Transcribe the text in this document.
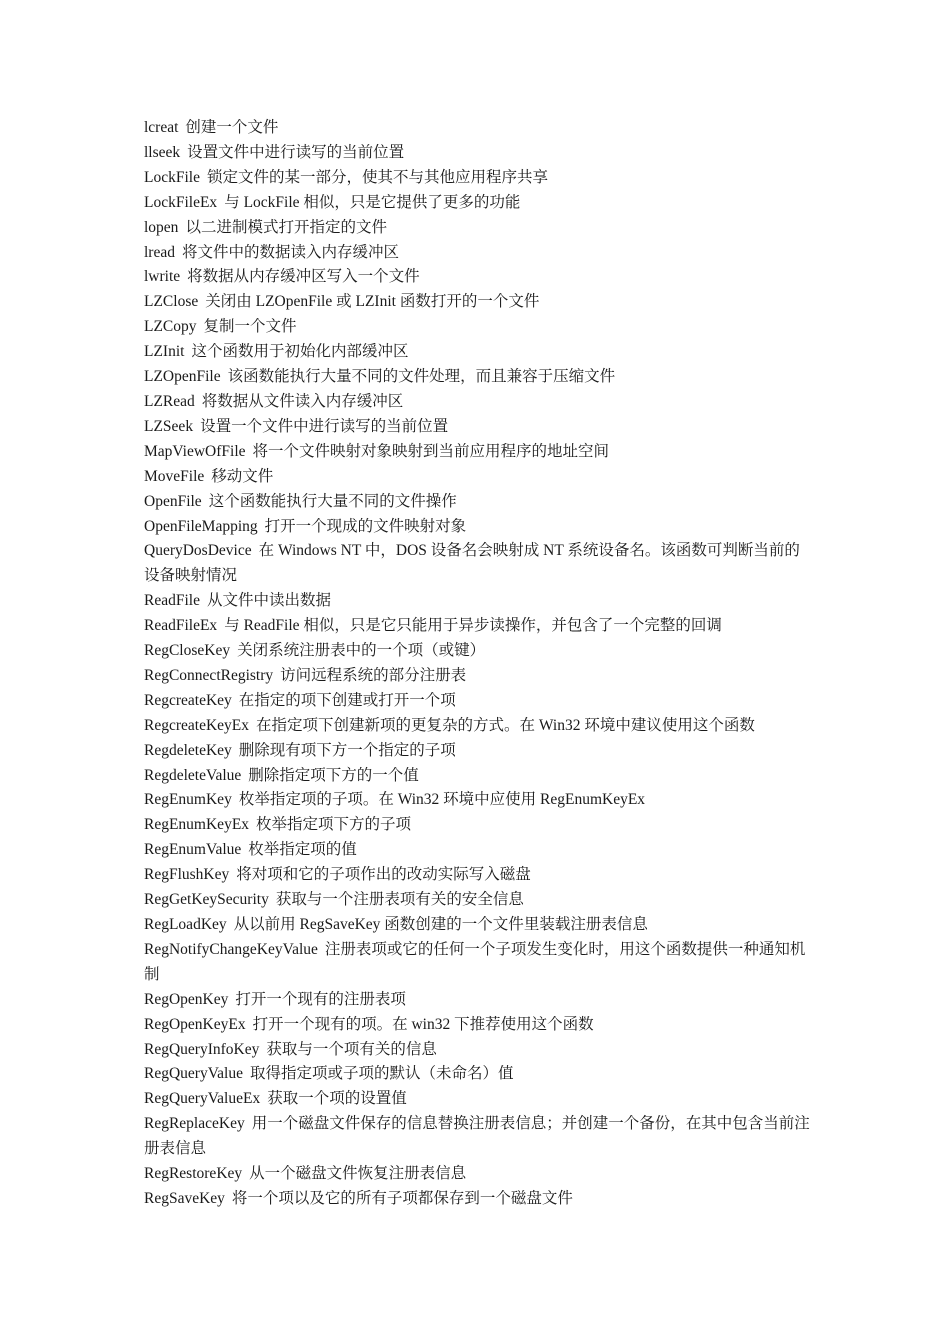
lcreat 创建一个文件

llseek 设置文件中进行读写的当前位置

LockFile 锁定文件的某一部分，使其不与其他应用程序共享

LockFileEx 与 LockFile 相似，只是它提供了更多的功能

lopen 以二进制模式打开指定的文件

lread 将文件中的数据读入内存缓冲区

lwrite 将数据从内存缓冲区写入一个文件

LZClose 关闭由 LZOpenFile 或 LZInit 函数打开的一个文件

LZCopy 复制一个文件

LZInit 这个函数用于初始化内部缓冲区

LZOpenFile 该函数能执行大量不同的文件处理，而且兼容于压缩文件

LZRead 将数据从文件读入内存缓冲区

LZSeek 设置一个文件中进行读写的当前位置

MapViewOfFile 将一个文件映射对象映射到当前应用程序的地址空间

MoveFile 移动文件

OpenFile 这个函数能执行大量不同的文件操作

OpenFileMapping 打开一个现成的文件映射对象

QueryDosDevice 在 Windows NT 中，DOS 设备名会映射成 NT 系统设备名。该函数可判断当前的设备映射情况

ReadFile 从文件中读出数据

ReadFileEx 与 ReadFile 相似，只是它只能用于异步读操作，并包含了一个完整的回调

RegCloseKey 关闭系统注册表中的一个项（或键）

RegConnectRegistry 访问远程系统的部分注册表

RegcreateKey 在指定的项下创建或打开一个项

RegcreateKeyEx 在指定项下创建新项的更复杂的方式。在 Win32 环境中建议使用这个函数

RegdeleteKey 删除现有项下方一个指定的子项

RegdeleteValue 删除指定项下方的一个值

RegEnumKey 枚举指定项的子项。在 Win32 环境中应使用 RegEnumKeyEx

RegEnumKeyEx 枚举指定项下方的子项

RegEnumValue 枚举指定项的值

RegFlushKey 将对项和它的子项作出的改动实际写入磁盘

RegGetKeySecurity 获取与一个注册表项有关的安全信息

RegLoadKey 从以前用 RegSaveKey 函数创建的一个文件里装载注册表信息

RegNotifyChangeKeyValue 注册表项或它的任何一个子项发生变化时，用这个函数提供一种通知机制

RegOpenKey 打开一个现有的注册表项

RegOpenKeyEx 打开一个现有的项。在 win32 下推荐使用这个函数

RegQueryInfoKey 获取与一个项有关的信息

RegQueryValue 取得指定项或子项的默认（未命名）值

RegQueryValueEx 获取一个项的设置值

RegReplaceKey 用一个磁盘文件保存的信息替换注册表信息；并创建一个备份，在其中包含当前注册表信息

RegRestoreKey 从一个磁盘文件恢复注册表信息

RegSaveKey 将一个项以及它的所有子项都保存到一个磁盘文件
